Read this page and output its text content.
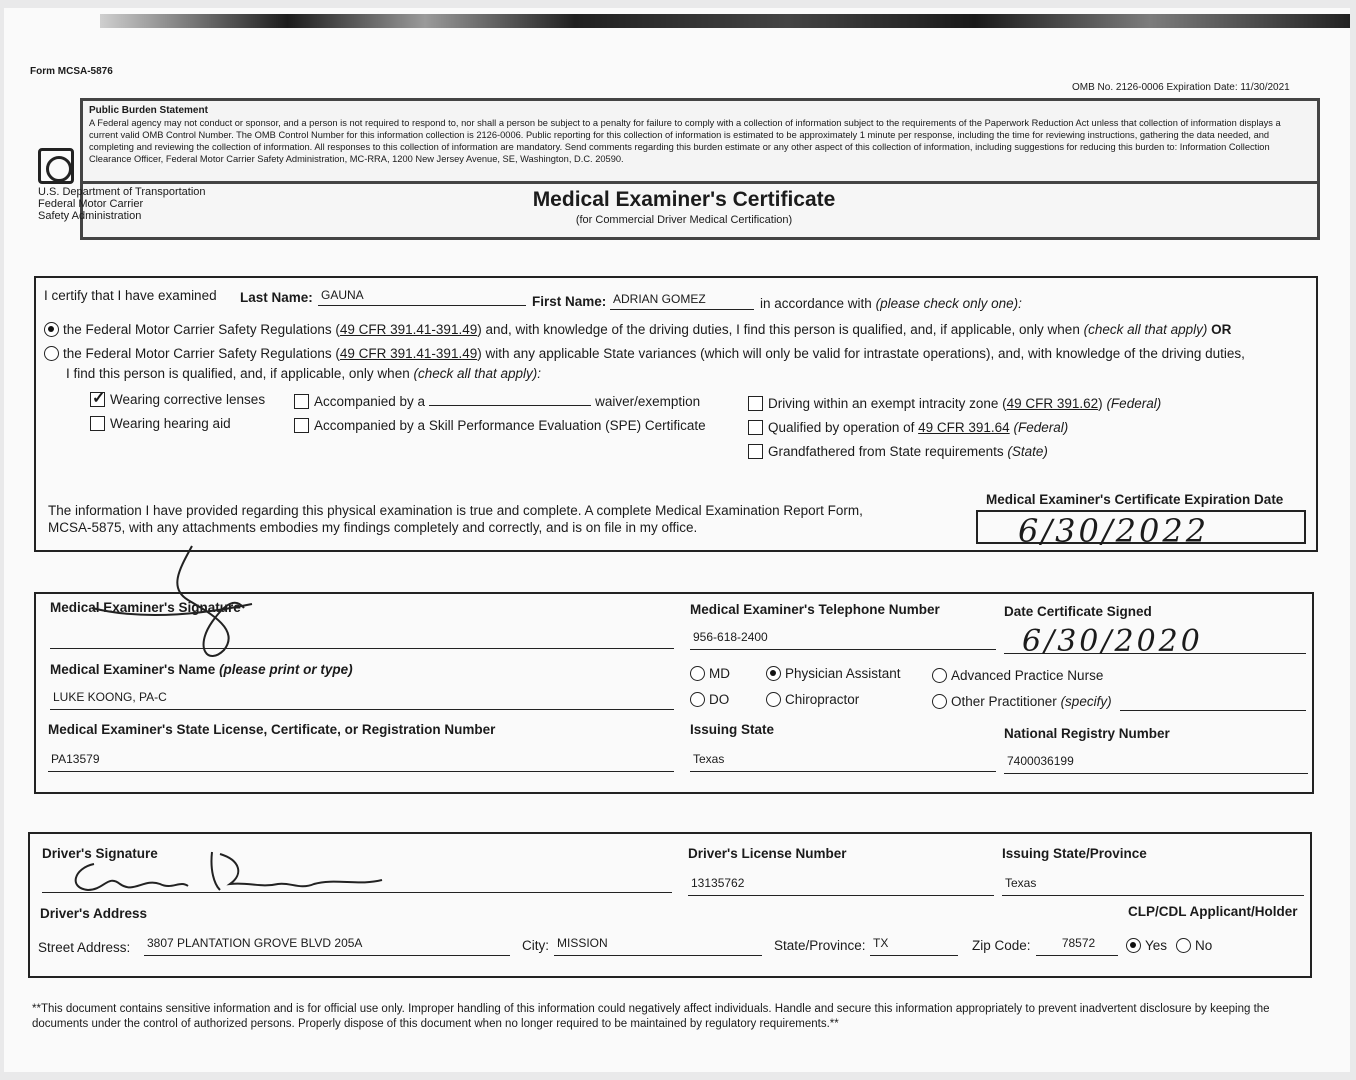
Form MCSA-5876
OMB No. 2126-0006 Expiration Date: 11/30/2021
Public Burden Statement
A Federal agency may not conduct or sponsor, and a person is not required to respond to, nor shall a person be subject to a penalty for failure to comply with a collection of information subject to the requirements of the Paperwork Reduction Act unless that collection of information displays a current valid OMB Control Number. The OMB Control Number for this information collection is 2126-0006. Public reporting for this collection of information is estimated to be approximately 1 minute per response, including the time for reviewing instructions, gathering the data needed, and completing and reviewing the collection of information. All responses to this collection of information are mandatory. Send comments regarding this burden estimate or any other aspect of this collection of information, including suggestions for reducing this burden to: Information Collection Clearance Officer, Federal Motor Carrier Safety Administration, MC-RRA, 1200 New Jersey Avenue, SE, Washington, D.C. 20590.
U.S. Department of Transportation
Federal Motor Carrier
Safety Administration
Medical Examiner's Certificate
(for Commercial Driver Medical Certification)
I certify that I have examined Last Name: GAUNA	First Name: ADRIAN GOMEZ	in accordance with (please check only one):
the Federal Motor Carrier Safety Regulations (49 CFR 391.41-391.49) and, with knowledge of the driving duties, I find this person is qualified, and, if applicable, only when (check all that apply) OR
the Federal Motor Carrier Safety Regulations (49 CFR 391.41-391.49) with any applicable State variances (which will only be valid for intrastate operations), and, with knowledge of the driving duties,
I find this person is qualified, and, if applicable, only when (check all that apply):
✓Wearing corrective lenses
Wearing hearing aid
Accompanied by a	waiver/exemption
Accompanied by a Skill Performance Evaluation (SPE) Certificate
Driving within an exempt intracity zone (49 CFR 391.62) (Federal)
Qualified by operation of 49 CFR 391.64 (Federal)
Grandfathered from State requirements (State)
The information I have provided regarding this physical examination is true and complete. A complete Medical Examination Report Form,
MCSA-5875, with any attachments embodies my findings completely and correctly, and is on file in my office.
Medical Examiner's Certificate Expiration Date
6/30/2022
Medical Examiner's Signature	Medical Examiner's Telephone Number
956-618-2400
Date Certificate Signed
6/30/2020
Medical Examiner's Name (please print or type)
LUKE KOONG, PA-C
MD	Physician Assistant	Advanced Practice Nurse
DO	Chiropractor	Other Practitioner (specify)
Medical Examiner's State License, Certificate, or Registration Number
PA13579
Issuing State
Texas
National Registry Number
7400036199
Driver's Signature	Driver's License Number
13135762
Issuing State/Province
Texas
Driver's Address	CLP/CDL Applicant/Holder
Street Address: 3807 PLANTATION GROVE BLVD 205A	City: MISSION	State/Province: TX	Zip Code:	78572	Yes	No
**This document contains sensitive information and is for official use only. Improper handling of this information could negatively affect individuals. Handle and secure this information appropriately to prevent inadvertent disclosure by keeping the documents under the control of authorized persons. Properly dispose of this document when no longer required to be maintained by regulatory requirements.**
